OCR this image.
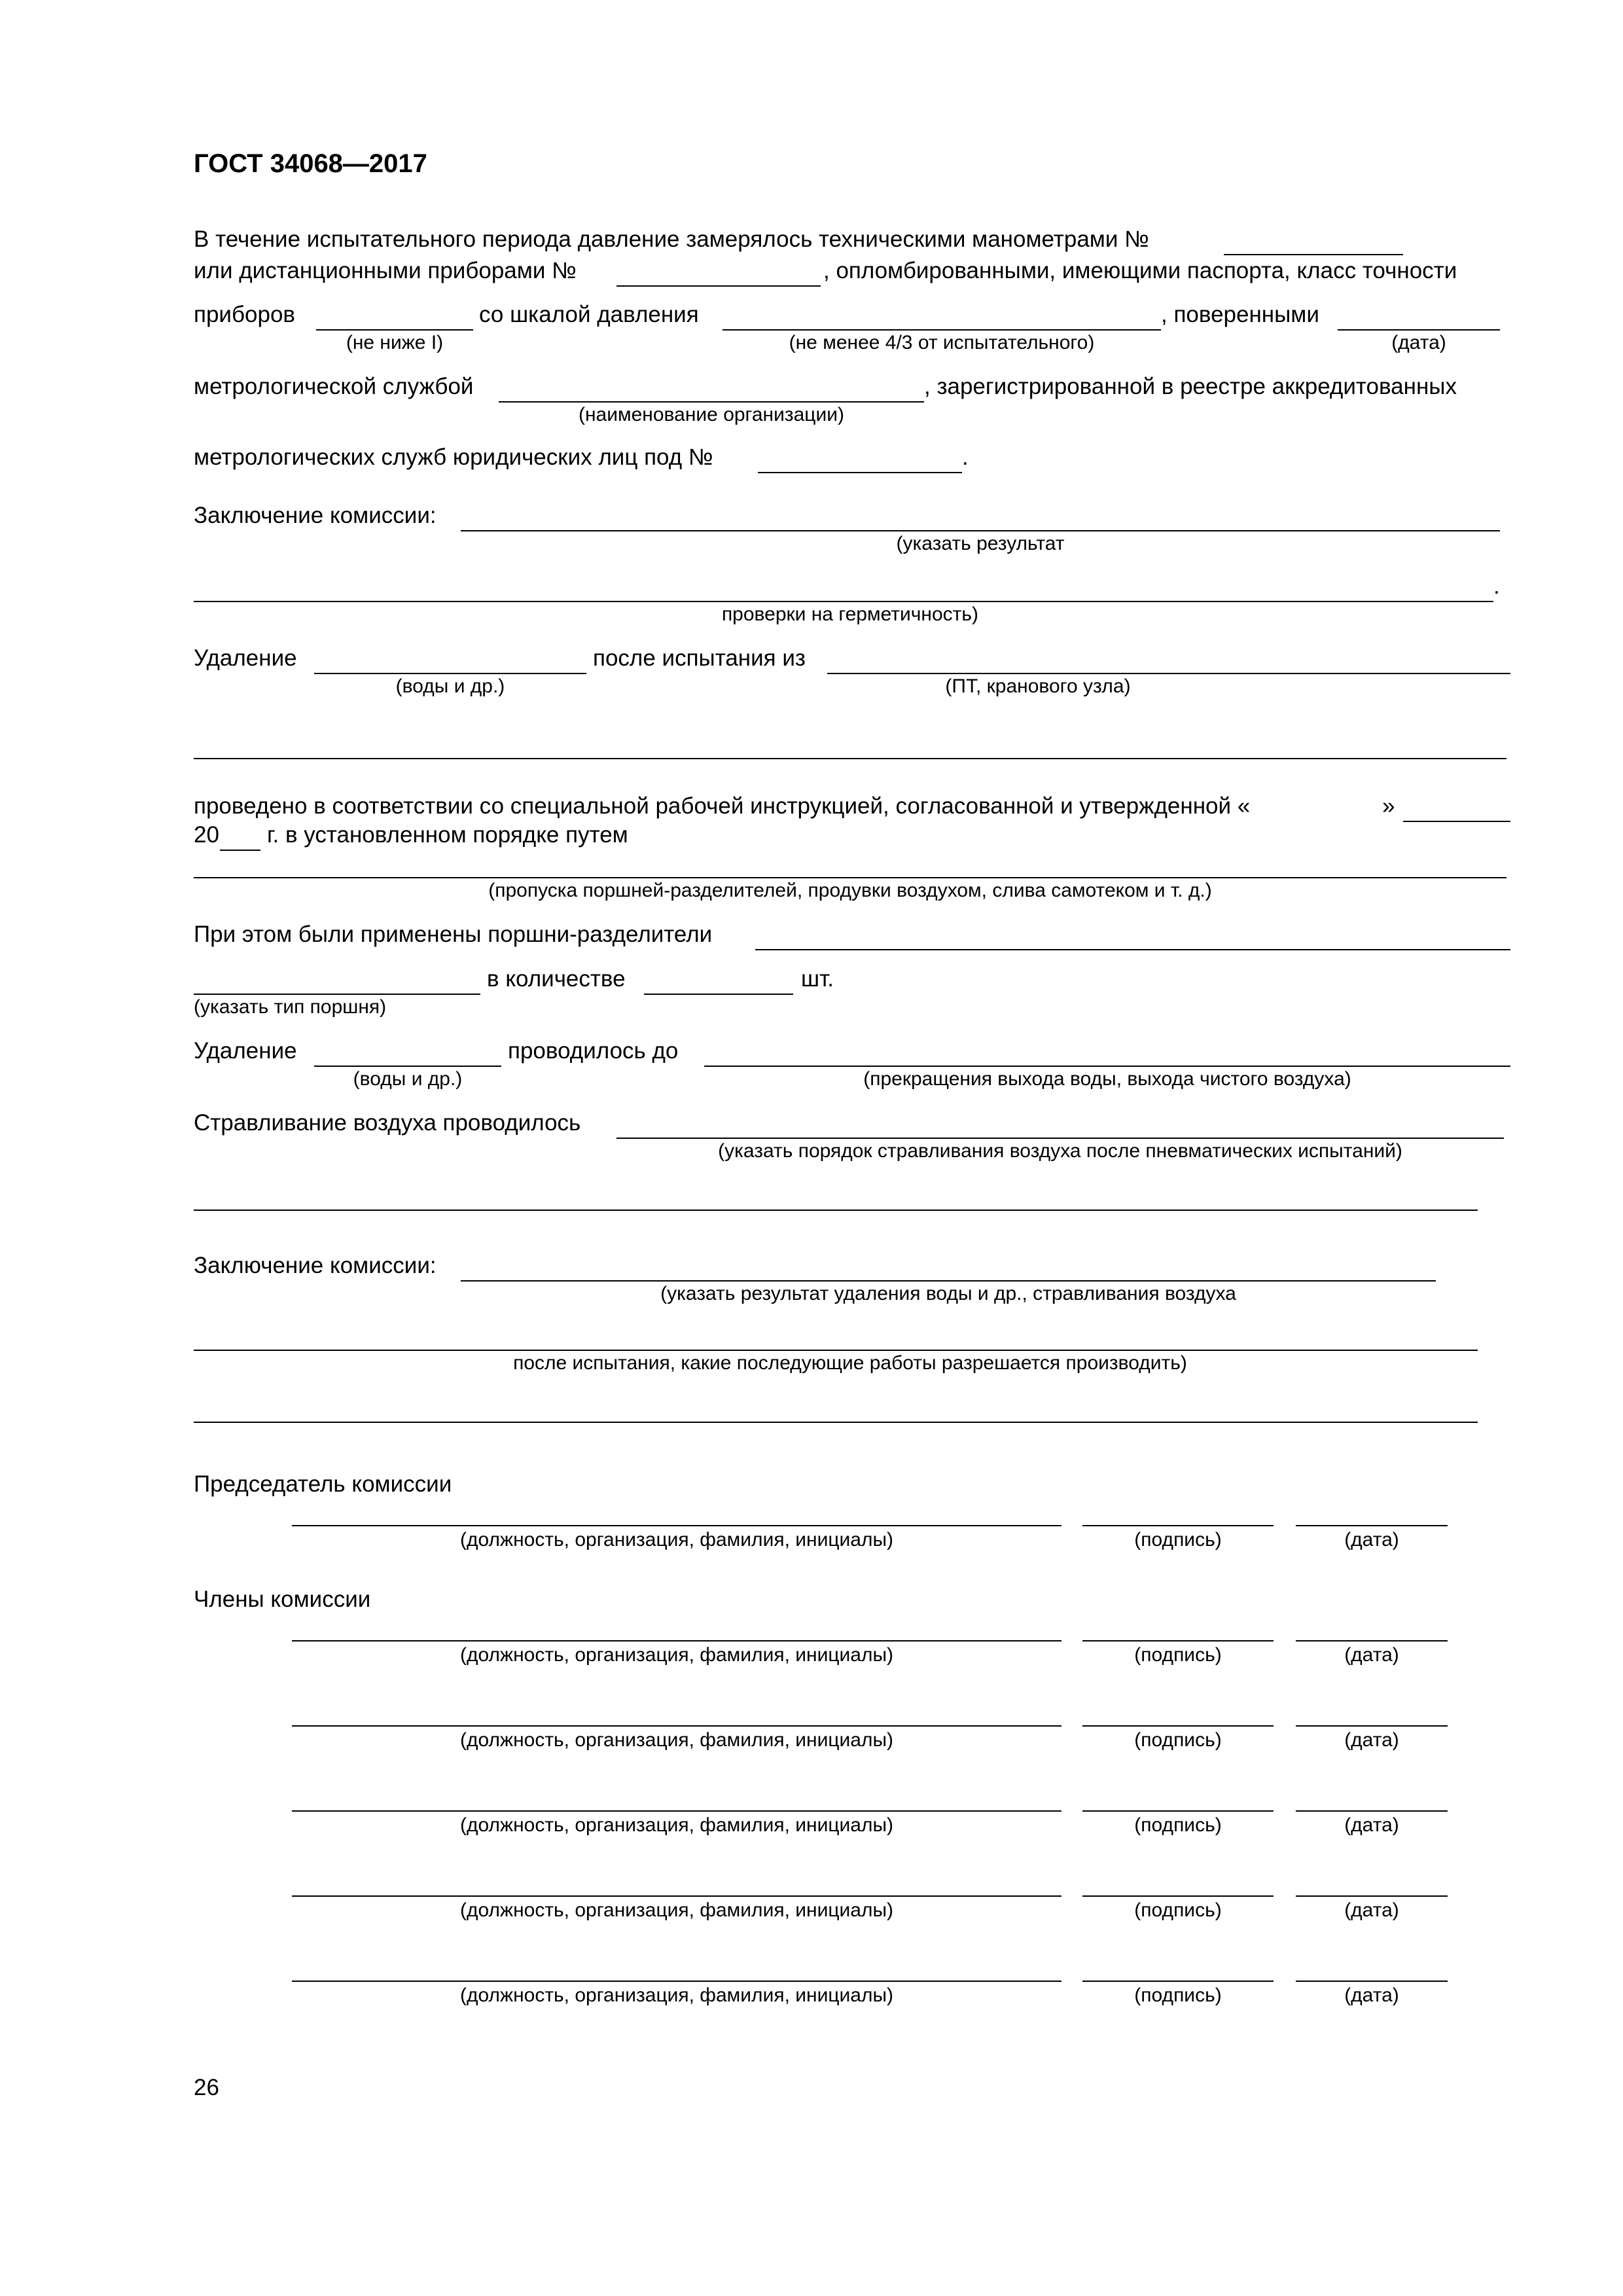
ГОСТ 34068—2017
В течение испытательного периода давление замерялось техническими манометрами №
или дистанционными приборами №	, опломбированными, имеющими паспорта, класс точности
приборов	со шкалой давления	, поверенными
(не ниже I)	(не менее 4/3 от испытательного)	(дата)
метрологической службой	, зарегистрированной в реестре аккредитованных
(наименование организации)
метрологических служб юридических лиц под №	.
Заключение комиссии:
(указать результат
.
проверки на герметичность)
Удаление	после испытания из
(воды и др.)	(ПТ, кранового узла)
проведено в соответствии со специальной рабочей инструкцией, согласованной и утвержденной «	»
20 г. в установленном порядке путем
(пропуска поршней-разделителей, продувки воздухом, слива самотеком и т. д.)
При этом были применены поршни-разделители
в количестве	шт.
(указать тип поршня)
Удаление	проводилось до
(воды и др.)	(прекращения выхода воды, выхода чистого воздуха)
Стравливание воздуха проводилось
(указать порядок стравливания воздуха после пневматических испытаний)
Заключение комиссии:
(указать результат удаления воды и др., стравливания воздуха
после испытания, какие последующие работы разрешается производить)
Председатель комиссии
(должность, организация, фамилия, инициалы)	(подпись)	(дата)
Члены комиссии
(должность, организация, фамилия, инициалы)	(подпись)	(дата)
(должность, организация, фамилия, инициалы)	(подпись)	(дата)
(должность, организация, фамилия, инициалы)	(подпись)	(дата)
(должность, организация, фамилия, инициалы)	(подпись)	(дата)
(должность, организация, фамилия, инициалы)	(подпись)	(дата)
26
